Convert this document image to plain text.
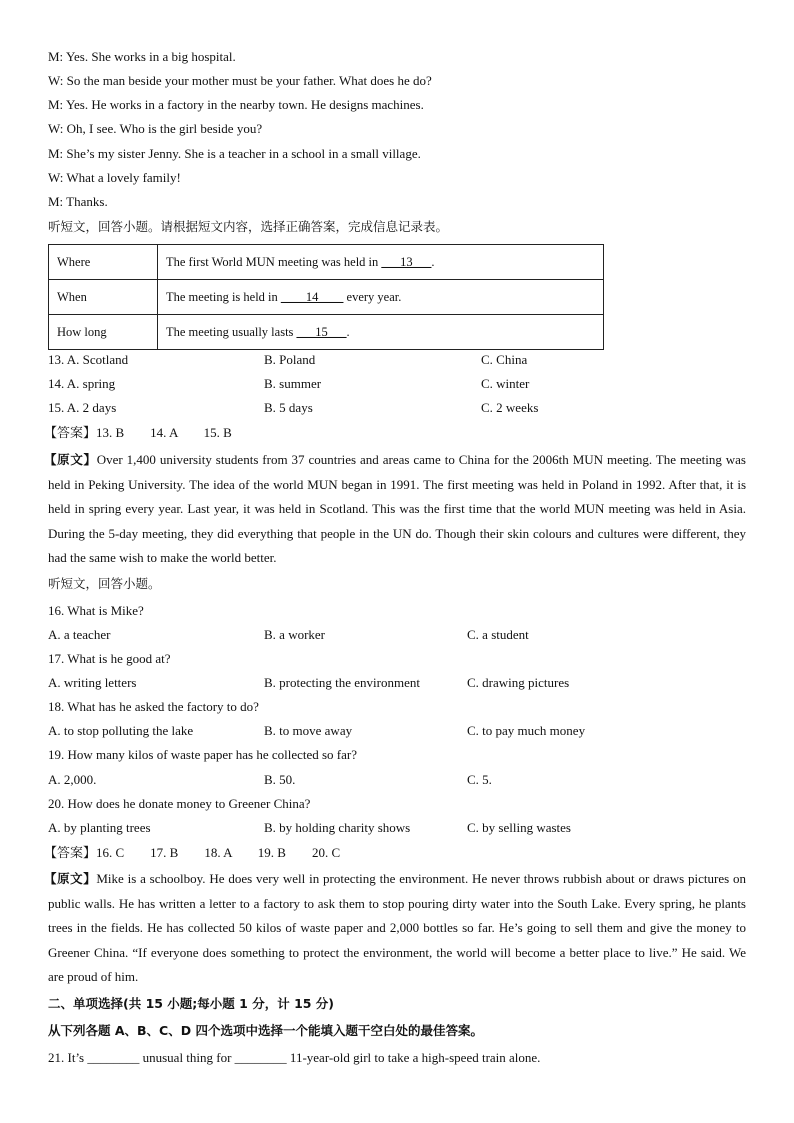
M: Yes. She works in a big hospital.
W: So the man beside your mother must be your father. What does he do?
M: Yes. He works in a factory in the nearby town. He designs machines.
W: Oh, I see. Who is the girl beside you?
M: She’s my sister Jenny. She is a teacher in a school in a small village.
W: What a lovely family!
M: Thanks.
听短文，回答小题。请根据短文内容，选择正确答案，完成信息记录表。
Where	The first World MUN meeting was held in ___13___.
When	The meeting is held in ____14____ every year.
How long	The meeting usually lasts ___15___.
13. A. Scotland	B. Poland	C. China
14. A. spring	B. summer	C. winter
15. A. 2 days	B. 5 days	C. 2 weeks
【答案】13. B        14. A        15. B
【原文】Over 1,400 university students from 37 countries and areas came to China for the 2006th MUN meeting. The meeting was held in Peking University. The idea of the world MUN began in 1991. The first meeting was held in Poland in 1992. After that, it is held in spring every year. Last year, it was held in Scotland. This was the first time that the world MUN meeting was held in Asia. During the 5-day meeting, they did everything that people in the UN do. Though their skin colours and cultures were different, they had the same wish to make the world better.
听短文，回答小题。
16. What is Mike?
A. a teacher	B. a worker	C. a student
17. What is he good at?
A. writing letters	B. protecting the environment	C. drawing pictures
18. What has he asked the factory to do?
A. to stop polluting the lake	B. to move away	C. to pay much money
19. How many kilos of waste paper has he collected so far?
A. 2,000.	B. 50.	C. 5.
20. How does he donate money to Greener China?
A. by planting trees	B. by holding charity shows	C. by selling wastes
【答案】16. C        17. B        18. A        19. B        20. C
【原文】Mike is a schoolboy. He does very well in protecting the environment. He never throws rubbish about or draws pictures on public walls. He has written a letter to a factory to ask them to stop pouring dirty water into the South Lake. Every spring, he plants trees in the fields. He has collected 50 kilos of waste paper and 2,000 bottles so far. He’s going to sell them and give the money to Greener China. “If everyone does something to protect the environment, the world will become a better place to live.” He said. We are proud of him.
二、单项选择(共 15 小题;每小题 1 分，计 15 分)
从下列各题 A、B、C、D 四个选项中选择一个能填入题干空白处的最佳答案。
21. It’s ________ unusual thing for ________ 11-year-old girl to take a high-speed train alone.
